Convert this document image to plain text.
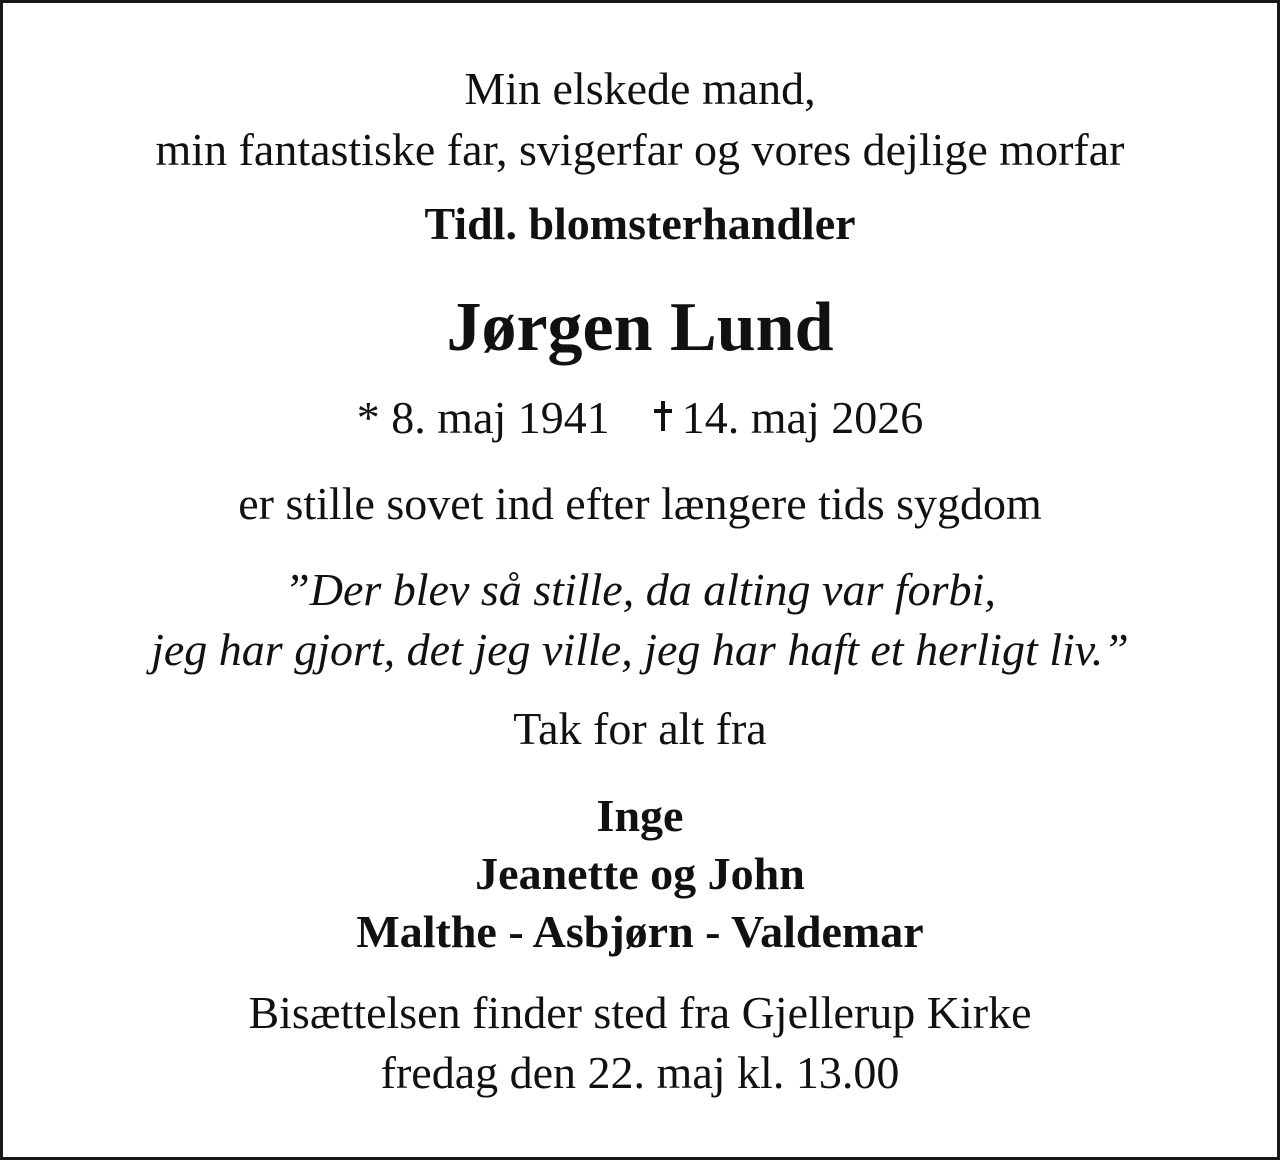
Min elskede mand,
min fantastiske far, svigerfar og vores dejlige morfar
Tidl. blomsterhandler
Jørgen Lund
* 8. maj 1941 14. maj 2026
er stille sovet ind efter længere tids sygdom
”Der blev så stille, da alting var forbi,
jeg har gjort, det jeg ville, jeg har haft et herligt liv.”
Tak for alt fra
Inge
Jeanette og John
Malthe - Asbjørn - Valdemar
Bisættelsen finder sted fra Gjellerup Kirke
fredag den 22. maj kl. 13.00
